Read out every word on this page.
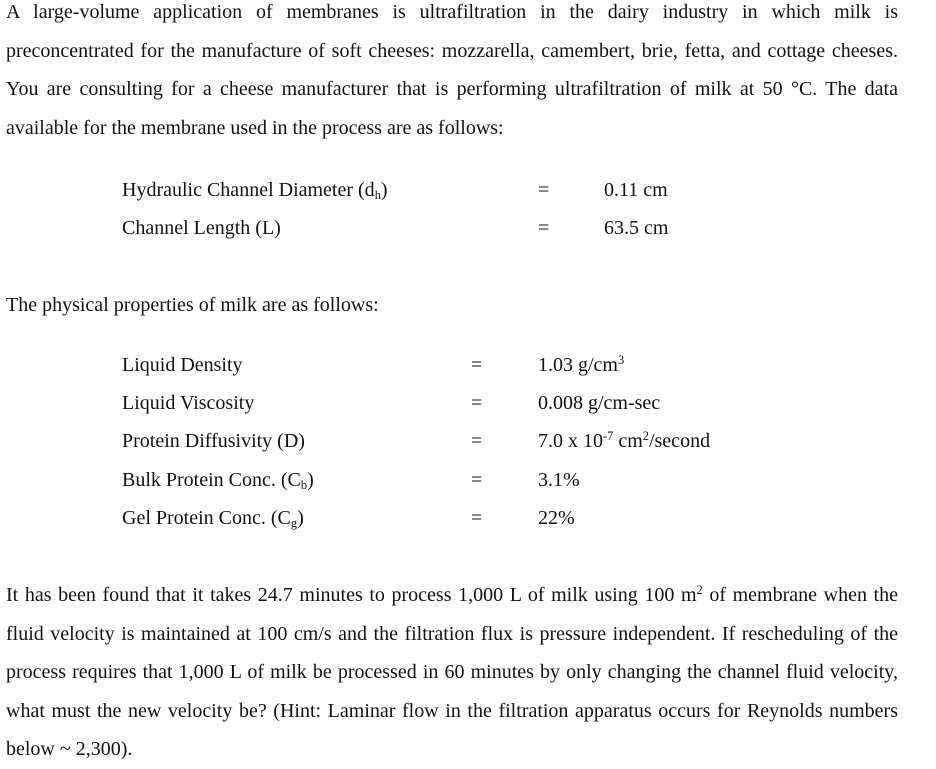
A large-volume application of membranes is ultrafiltration in the dairy industry in which milk is preconcentrated for the manufacture of soft cheeses: mozzarella, camembert, brie, fetta, and cottage cheeses. You are consulting for a cheese manufacturer that is performing ultrafiltration of milk at 50 °C. The data available for the membrane used in the process are as follows:

Hydraulic Channel Diameter $(d_h)$	=	0.11 cm
Channel Length (L)	=	63.5 cm

The physical properties of milk are as follows:

Liquid Density	=	1.03 $g/cm^3$
Liquid Viscosity	=	0.008 g/cm-sec
Protein Diffusivity (D)	=	7.0 x $10^{-7}$ $cm^2$/second
Bulk Protein Conc. $(C_b)$	=	3.1%
Gel Protein Conc. $(C_g)$	=	22%

It has been found that it takes 24.7 minutes to process 1,000 L of milk using 100 $m^2$ of membrane when the fluid velocity is maintained at 100 cm/s and the filtration flux is pressure independent. If rescheduling of the process requires that 1,000 L of milk be processed in 60 minutes by only changing the channel fluid velocity, what must the new velocity be? (Hint: Laminar flow in the filtration apparatus occurs for Reynolds numbers below ~ 2,300).
